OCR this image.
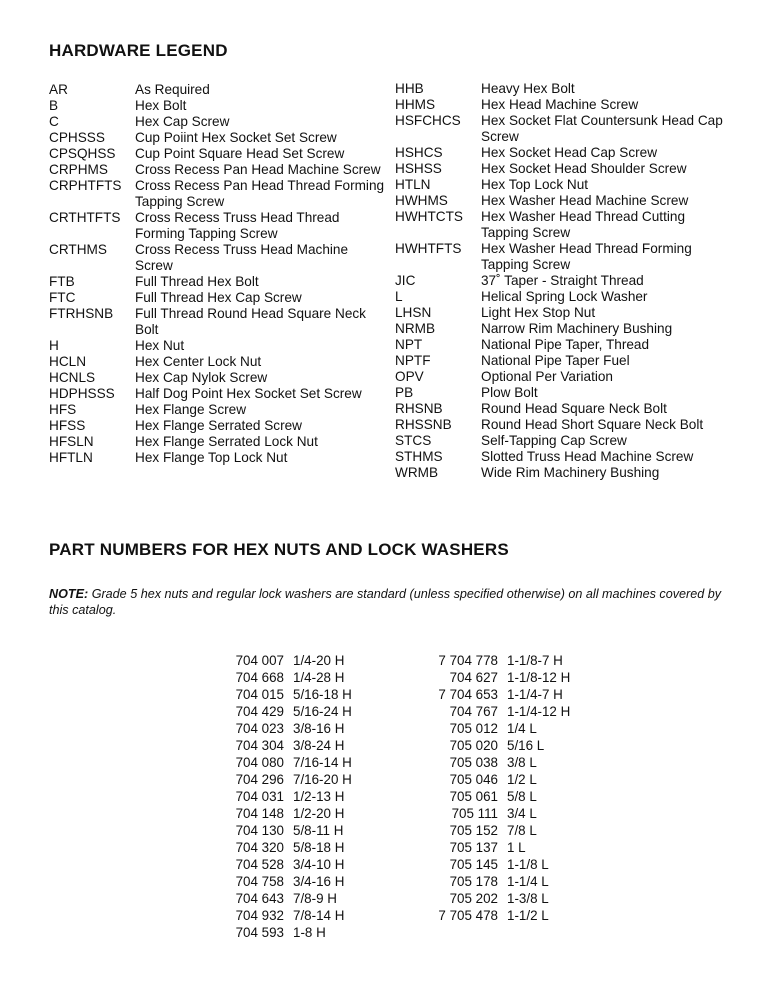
HARDWARE LEGEND
AR	As Required
B	Hex Bolt
C	Hex Cap Screw
CPHSSS	Cup Poiint Hex Socket Set Screw
CPSQHSS	Cup Point Square Head Set Screw
CRPHMS	Cross Recess Pan Head Machine Screw
CRPHTFTS Cross Recess Pan Head Thread Forming Tapping Screw
CRTHTFTS	Cross Recess Truss Head Thread Forming Tapping Screw
CRTHMS	Cross Recess Truss Head Machine Screw
FTB	Full Thread Hex Bolt
FTC	Full Thread Hex Cap Screw
FTRHSNB	Full Thread Round Head Square Neck Bolt
H	Hex Nut
HCLN	Hex Center Lock Nut
HCNLS	Hex Cap Nylok Screw
HDPHSSS	Half Dog Point Hex Socket Set Screw
HFS	Hex Flange Screw
HFSS	Hex Flange Serrated Screw
HFSLN	Hex Flange Serrated Lock Nut
HFTLN	Hex Flange Top Lock Nut
HHB	Heavy Hex Bolt
HHMS	Hex Head Machine Screw
HSFCHCS	Hex Socket Flat Countersunk Head Cap Screw
HSHCS	Hex Socket Head Cap Screw
HSHSS	Hex Socket Head Shoulder Screw
HTLN	Hex Top Lock Nut
HWHMS	Hex Washer Head Machine Screw
HWHTCTS	Hex Washer Head Thread Cutting Tapping Screw
HWHTFTS	Hex Washer Head Thread Forming Tapping Screw
JIC	37˚ Taper - Straight Thread
L	Helical Spring Lock Washer
LHSN	Light Hex Stop Nut
NRMB	Narrow Rim Machinery Bushing
NPT	National Pipe Taper, Thread
NPTF	National Pipe Taper Fuel
OPV	Optional Per Variation
PB	Plow Bolt
RHSNB	Round Head Square Neck Bolt
RHSSNB	Round Head Short Square Neck Bolt
STCS	Self-Tapping Cap Screw
STHMS	Slotted Truss Head Machine Screw
WRMB	Wide Rim Machinery Bushing
PART NUMBERS FOR HEX NUTS AND LOCK WASHERS
NOTE: Grade 5 hex nuts and regular lock washers are standard (unless specified otherwise) on all machines covered by this catalog.
704 007 1/4-20 H
704 668 1/4-28 H
704 015 5/16-18 H
704 429 5/16-24 H
704 023 3/8-16 H
704 304 3/8-24 H
704 080 7/16-14 H
704 296 7/16-20 H
704 031 1/2-13 H
704 148 1/2-20 H
704 130 5/8-11 H
704 320 5/8-18 H
704 528 3/4-10 H
704 758 3/4-16 H
704 643 7/8-9 H
704 932 7/8-14 H
704 593 1-8 H
7 704 778 1-1/8-7 H
704 627 1-1/8-12 H
7 704 653 1-1/4-7 H
704 767 1-1/4-12 H
705 012 1/4 L
705 020 5/16 L
705 038 3/8 L
705 046 1/2 L
705 061 5/8 L
705 111 3/4 L
705 152 7/8 L
705 137 1 L
705 145 1-1/8 L
705 178 1-1/4 L
705 202 1-3/8 L
7 705 478 1-1/2 L
